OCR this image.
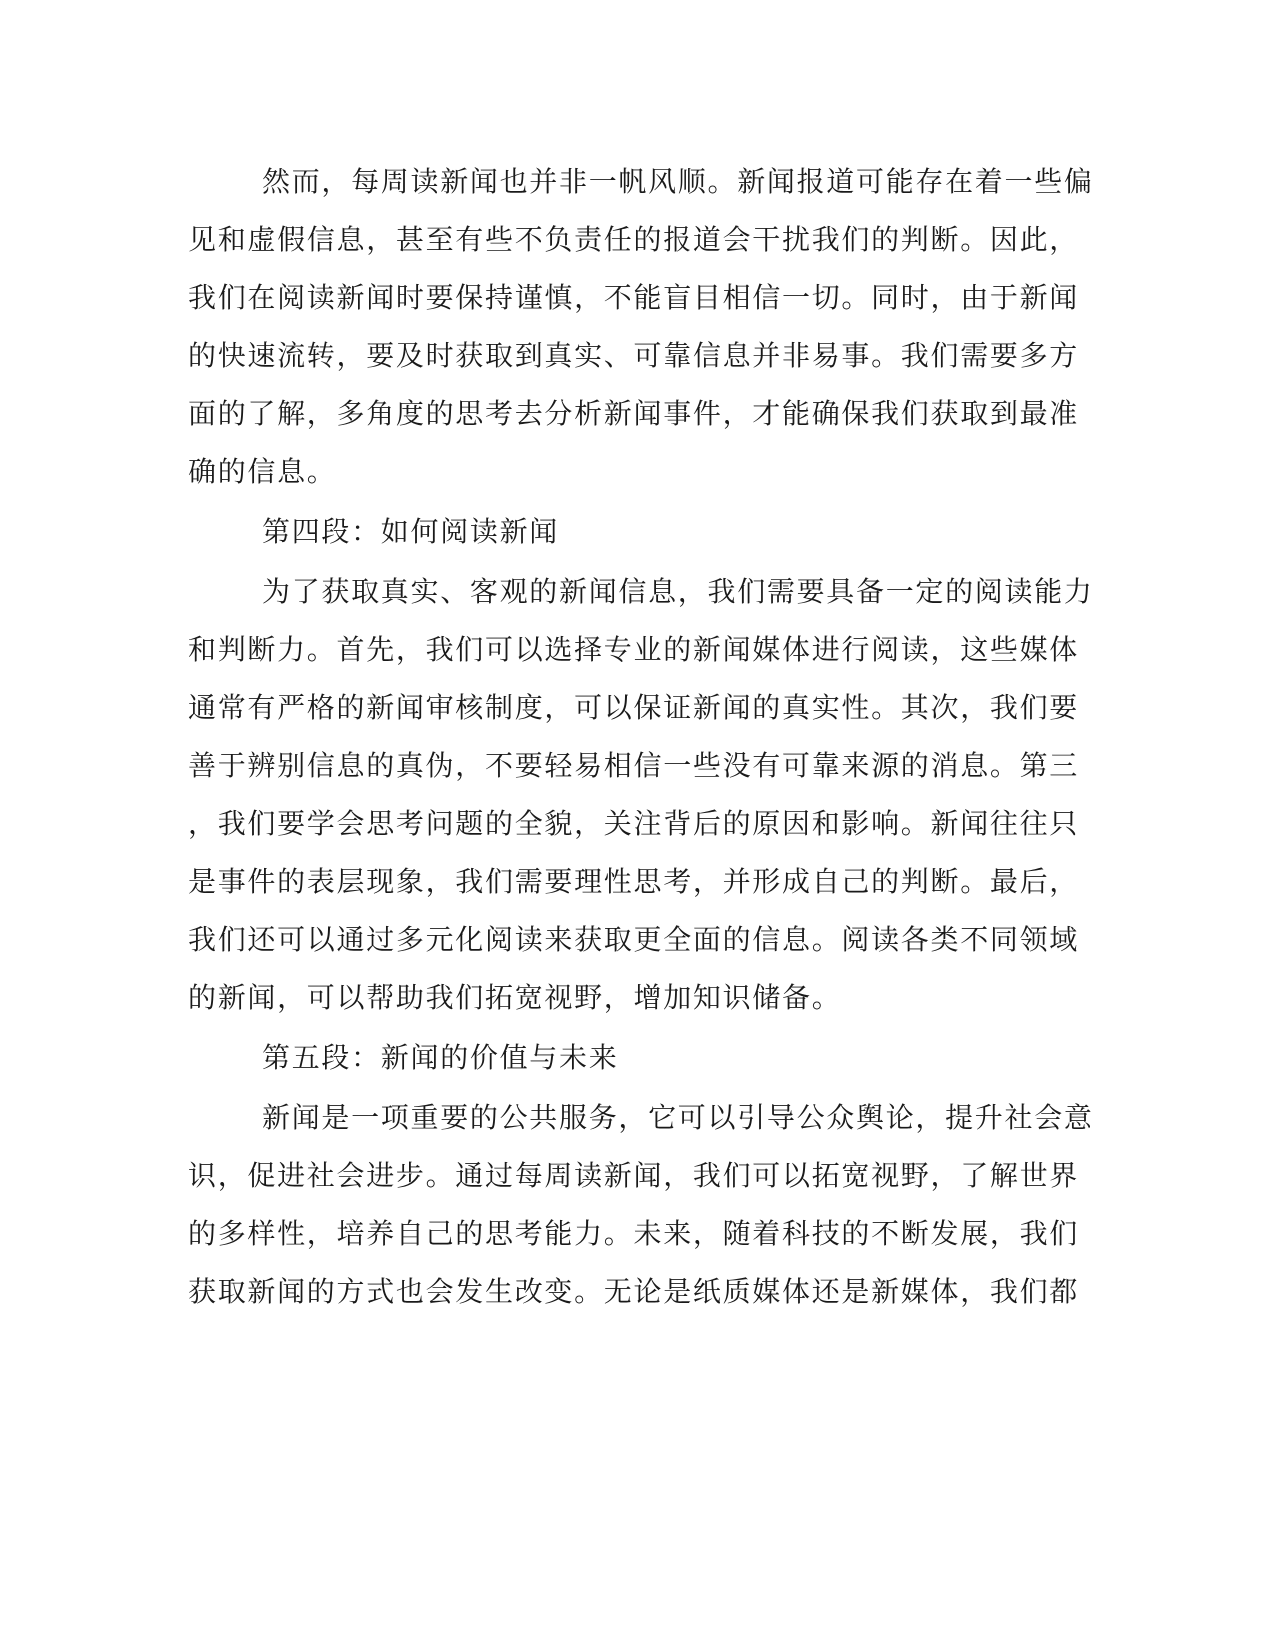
然而，每周读新闻也并非一帆风顺。新闻报道可能存在着一些偏
见和虚假信息，甚至有些不负责任的报道会干扰我们的判断。因此，
我们在阅读新闻时要保持谨慎，不能盲目相信一切。同时，由于新闻
的快速流转，要及时获取到真实、可靠信息并非易事。我们需要多方
面的了解，多角度的思考去分析新闻事件，才能确保我们获取到最准
确的信息。
第四段：如何阅读新闻
为了获取真实、客观的新闻信息，我们需要具备一定的阅读能力
和判断力。首先，我们可以选择专业的新闻媒体进行阅读，这些媒体
通常有严格的新闻审核制度，可以保证新闻的真实性。其次，我们要
善于辨别信息的真伪，不要轻易相信一些没有可靠来源的消息。第三
，我们要学会思考问题的全貌，关注背后的原因和影响。新闻往往只
是事件的表层现象，我们需要理性思考，并形成自己的判断。最后，
我们还可以通过多元化阅读来获取更全面的信息。阅读各类不同领域
的新闻，可以帮助我们拓宽视野，增加知识储备。
第五段：新闻的价值与未来
新闻是一项重要的公共服务，它可以引导公众舆论，提升社会意
识，促进社会进步。通过每周读新闻，我们可以拓宽视野，了解世界
的多样性，培养自己的思考能力。未来，随着科技的不断发展，我们
获取新闻的方式也会发生改变。无论是纸质媒体还是新媒体，我们都
